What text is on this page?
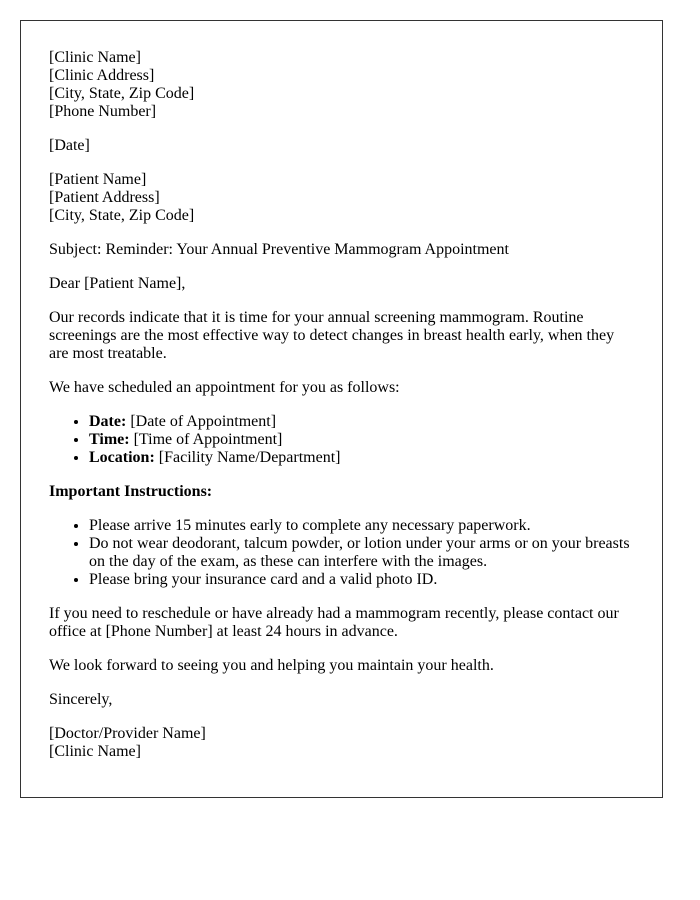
[Clinic Name]
[Clinic Address]
[City, State, Zip Code]
[Phone Number]

[Date]

[Patient Name]
[Patient Address]
[City, State, Zip Code]

Subject: Reminder: Your Annual Preventive Mammogram Appointment

Dear [Patient Name],

Our records indicate that it is time for your annual screening mammogram. Routine screenings are the most effective way to detect changes in breast health early, when they are most treatable.

We have scheduled an appointment for you as follows:

• Date: [Date of Appointment]
• Time: [Time of Appointment]
• Location: [Facility Name/Department]

Important Instructions:

• Please arrive 15 minutes early to complete any necessary paperwork.
• Do not wear deodorant, talcum powder, or lotion under your arms or on your breasts on the day of the exam, as these can interfere with the images.
• Please bring your insurance card and a valid photo ID.

If you need to reschedule or have already had a mammogram recently, please contact our office at [Phone Number] at least 24 hours in advance.

We look forward to seeing you and helping you maintain your health.

Sincerely,

[Doctor/Provider Name]
[Clinic Name]
